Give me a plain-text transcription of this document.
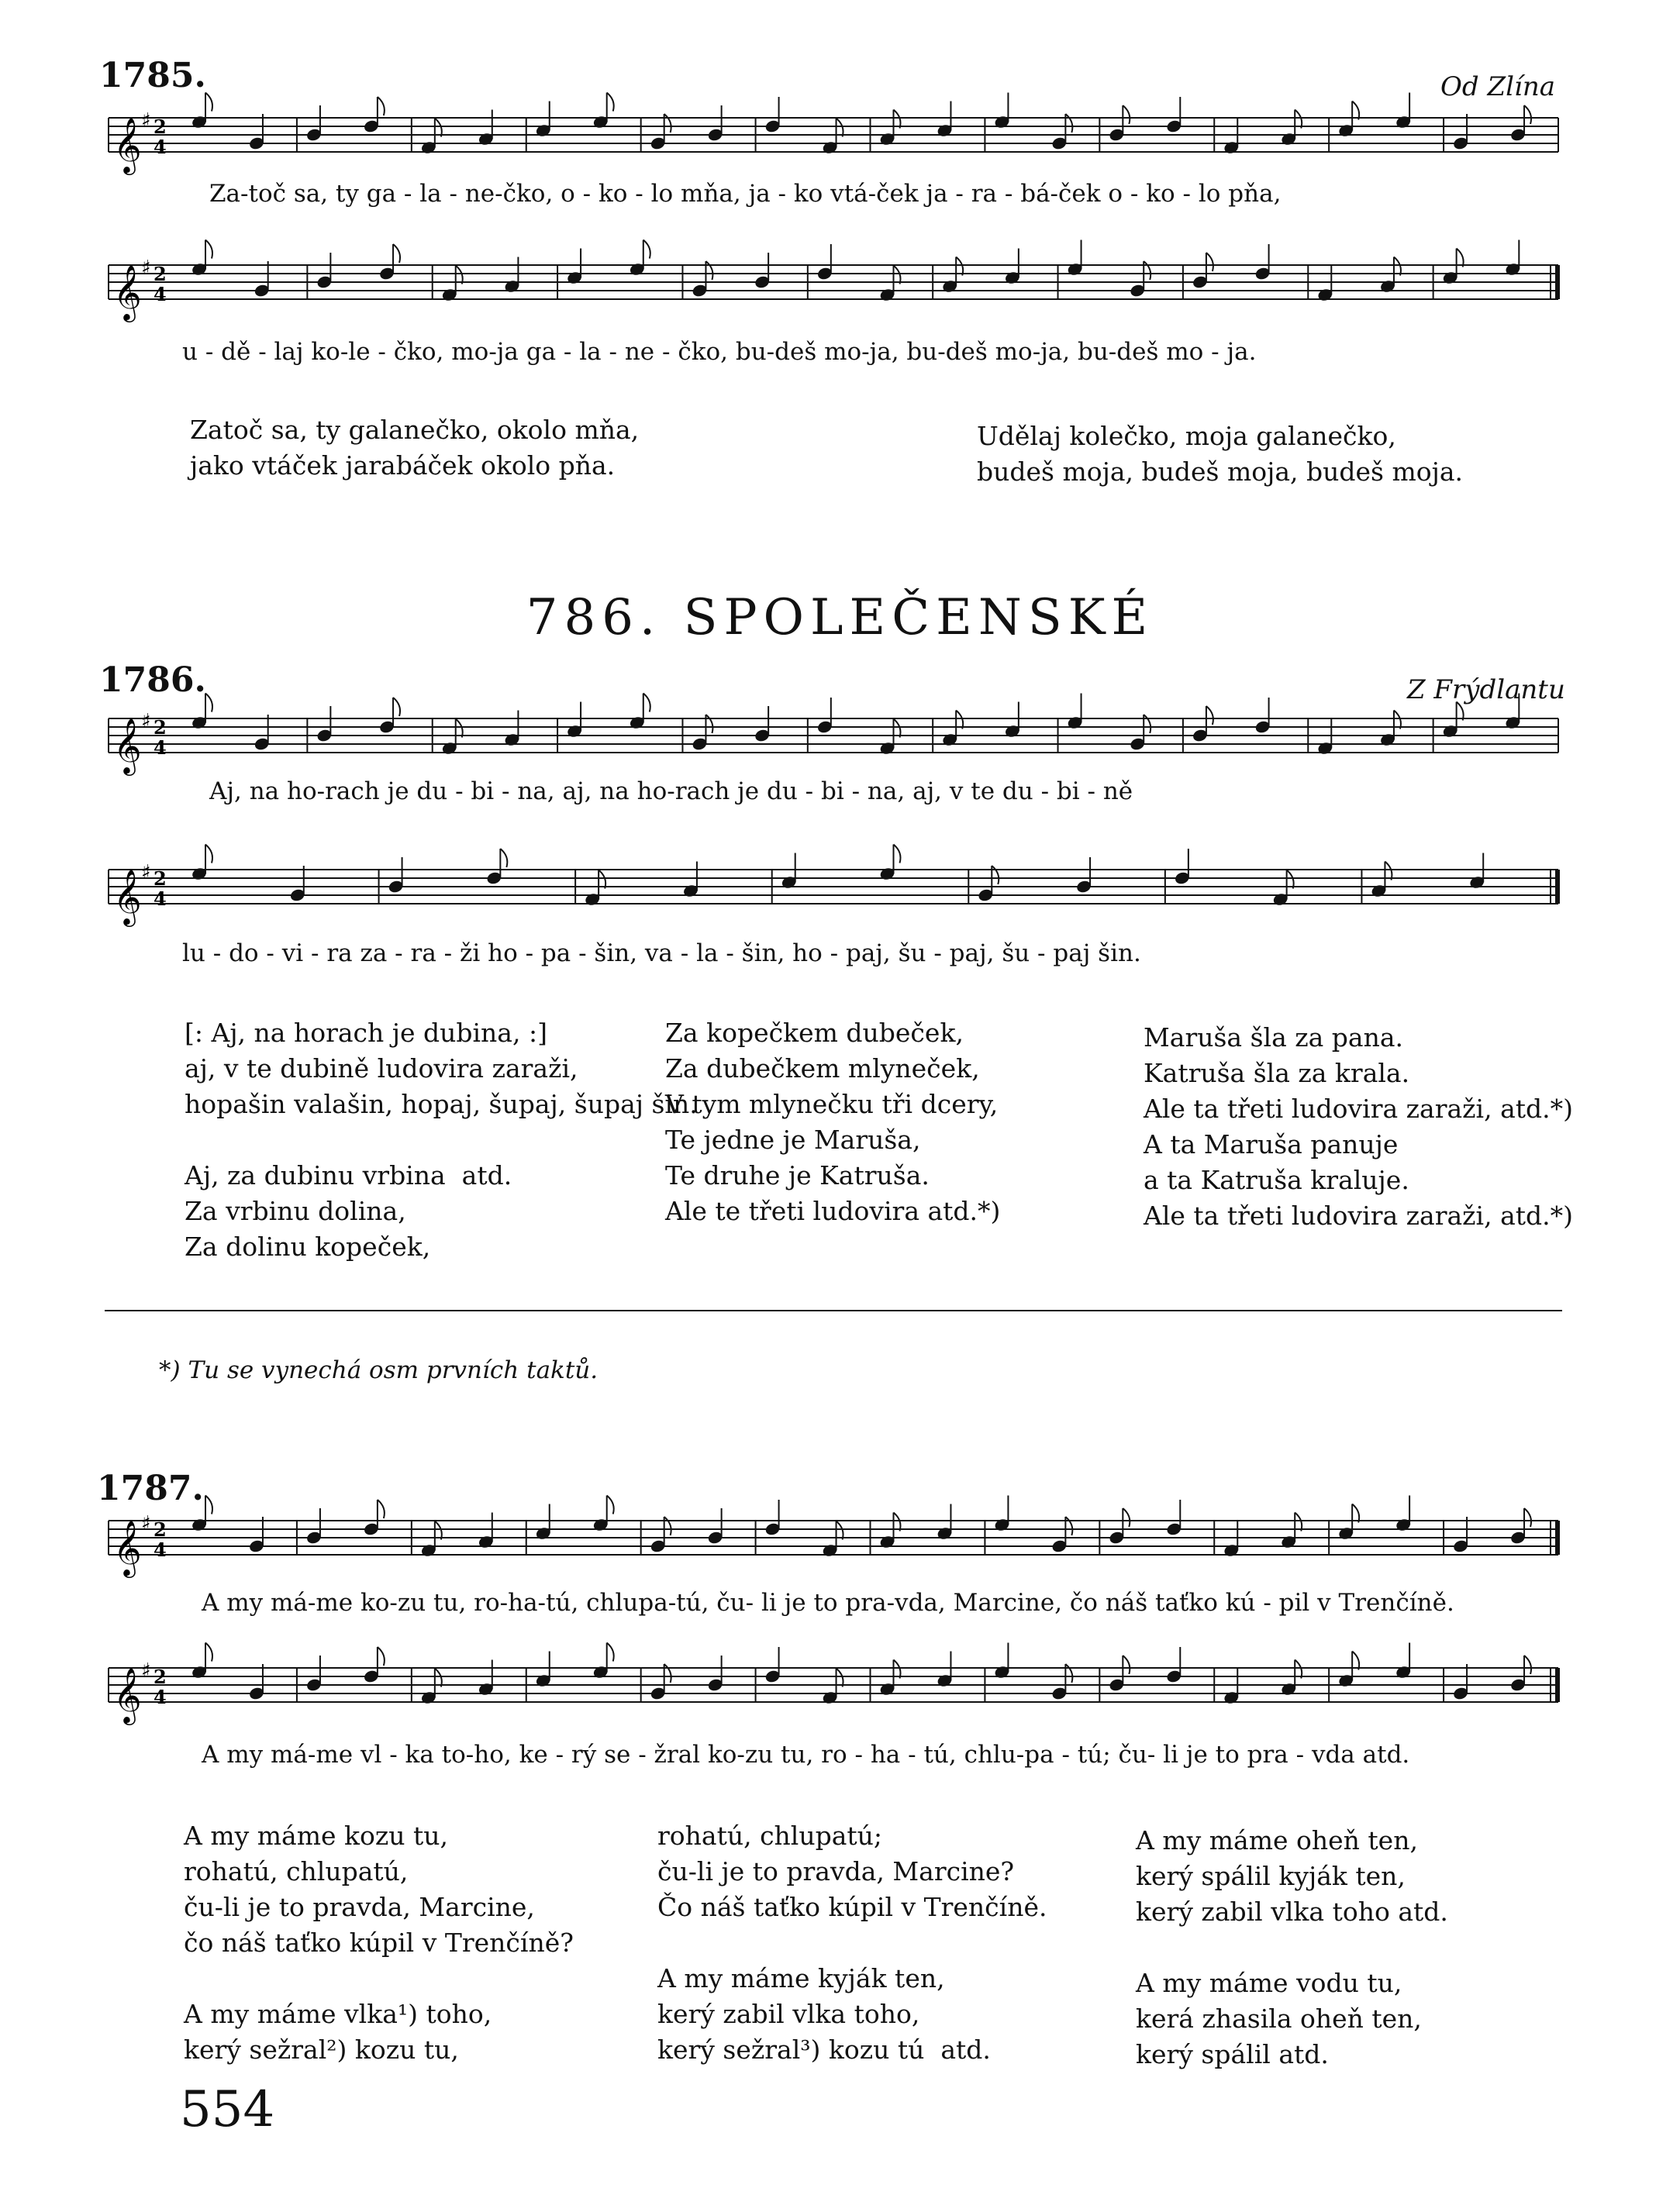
1785.	Od Zlína
𝄞 ♯ 2
4
Za-toč sa, ty ga - la - ne-čko, o - ko - lo mňa, ja - ko vtá-ček ja - ra - bá-ček o - ko - lo pňa,
𝄞 ♯ 2
4
u - dě - laj ko-le - čko, mo-ja ga - la - ne - čko, bu-deš mo-ja, bu-deš mo-ja, bu-deš mo - ja.
Zatoč sa, ty galanečko, okolo mňa,
jako vtáček jarabáček okolo pňa.
Udělaj kolečko, moja galanečko,
budeš moja, budeš moja, budeš moja.
786. SPOLEČENSKÉ
1786.	Z Frýdlantu
𝄞 ♯ 2
4
Aj, na ho-rach je du - bi - na, aj, na ho-rach je du - bi - na, aj, v te du - bi - ně
𝄞 ♯ 2
4
lu - do - vi - ra za - ra - ži ho - pa - šin, va - la - šin, ho - paj, šu - paj, šu - paj šin.
[: Aj, na horach je dubina, :]
aj, v te dubině ludovira zaraži,
hopašin valašin, hopaj, šupaj, šupaj šin.

Aj, za dubinu vrbina  atd.
Za vrbinu dolina,
Za dolinu kopeček,
Za kopečkem dubeček,
Za dubečkem mlyneček,
V tym mlynečku tři dcery,
Te jedne je Maruša,
Te druhe je Katruša.
Ale te třeti ludovira atd.*)
Maruša šla za pana.
Katruša šla za krala.
Ale ta třeti ludovira zaraži, atd.*)
A ta Maruša panuje
a ta Katruša kraluje.
Ale ta třeti ludovira zaraži, atd.*)
*) Tu se vynechá osm prvních taktů.
1787.
𝄞 ♯ 2
4
A my má-me ko-zu tu, ro-ha-tú, chlupa-tú, ču- li je to pra-vda, Marcine, čo náš taťko kú - pil v Trenčíně.
𝄞 ♯ 2
4
A my má-me vl - ka to-ho, ke - rý se - žral ko-zu tu, ro - ha - tú, chlu-pa - tú; ču- li je to pra - vda atd.
A my máme kozu tu,
rohatú, chlupatú,
ču-li je to pravda, Marcine,
čo náš taťko kúpil v Trenčíně?

A my máme vlka¹) toho,
kerý sežral²) kozu tu,
rohatú, chlupatú;
ču-li je to pravda, Marcine?
Čo náš taťko kúpil v Trenčíně.

A my máme kyják ten,
kerý zabil vlka toho,
kerý sežral³) kozu tú  atd.
A my máme oheň ten,
kerý spálil kyják ten,
kerý zabil vlka toho atd.

A my máme vodu tu,
kerá zhasila oheň ten,
kerý spálil atd.
554
